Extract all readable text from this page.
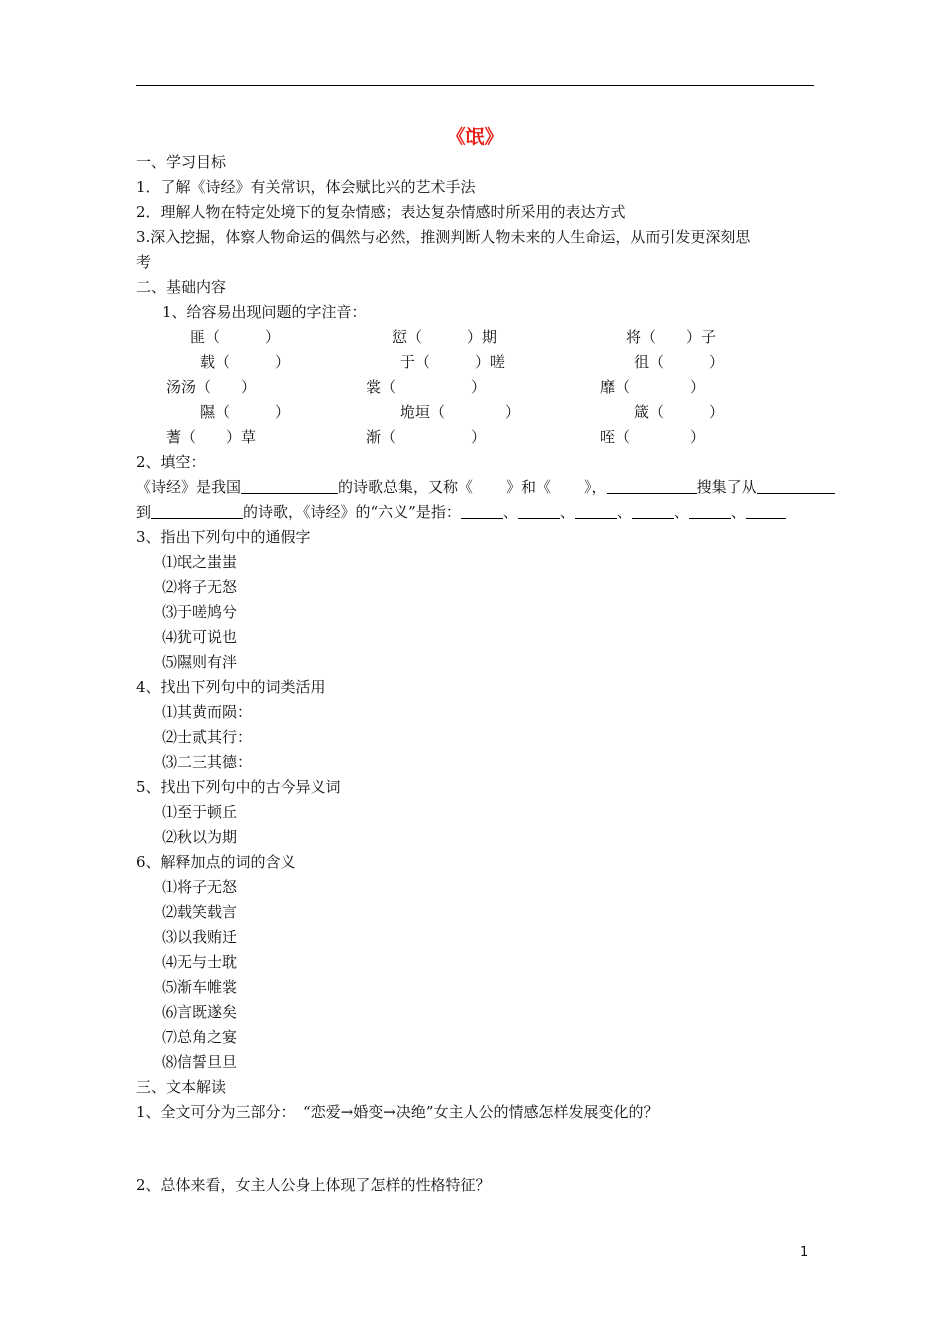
《氓》
一、学习目标
1．了解《诗经》有关常识，体会赋比兴的艺术手法
2．理解人物在特定处境下的复杂情感；表达复杂情感时所采用的表达方式
3.深入挖掘，体察人物命运的偶然与必然，推测判断人物未来的人生命运，从而引发更深刻思
考
二、基础内容
1、给容易出现问题的字注音：
匪（　　　）	愆（　　　）期	将（　　）子
载（　　　）	于（　　　）嗟	徂（　　　）
汤汤（　　）	裳（　　　　　）	靡（　　　　）
隰（　　　）	垝垣（　　　　）	箴（　　　）
蓍（　　）草	渐（　　　　　）	咥（　　　　）
2、填空：
《诗经》是我国	的诗歌总集，又称《 》和《 》，	搜集了从
到	的诗歌，《诗经》的“六义”是指：	、	、	、	、	、
3、指出下列句中的通假字
⑴氓之蚩蚩
⑵将子无怒
⑶于嗟鸠兮
⑷犹可说也
⑸隰则有泮
4、找出下列句中的词类活用
⑴其黄而陨：
⑵士贰其行：
⑶二三其德：
5、找出下列句中的古今异义词
⑴至于顿丘
⑵秋以为期
6、解释加点的词的含义
⑴将子无怒
⑵载笑载言
⑶以我贿迁
⑷无与士耽
⑸渐车帷裳
⑹言既遂矣
⑺总角之宴
⑻信誓旦旦
三、文本解读
1、全文可分为三部分：　“恋爱→婚变→决绝”女主人公的情感怎样发展变化的？
2、总体来看，女主人公身上体现了怎样的性格特征？
1
